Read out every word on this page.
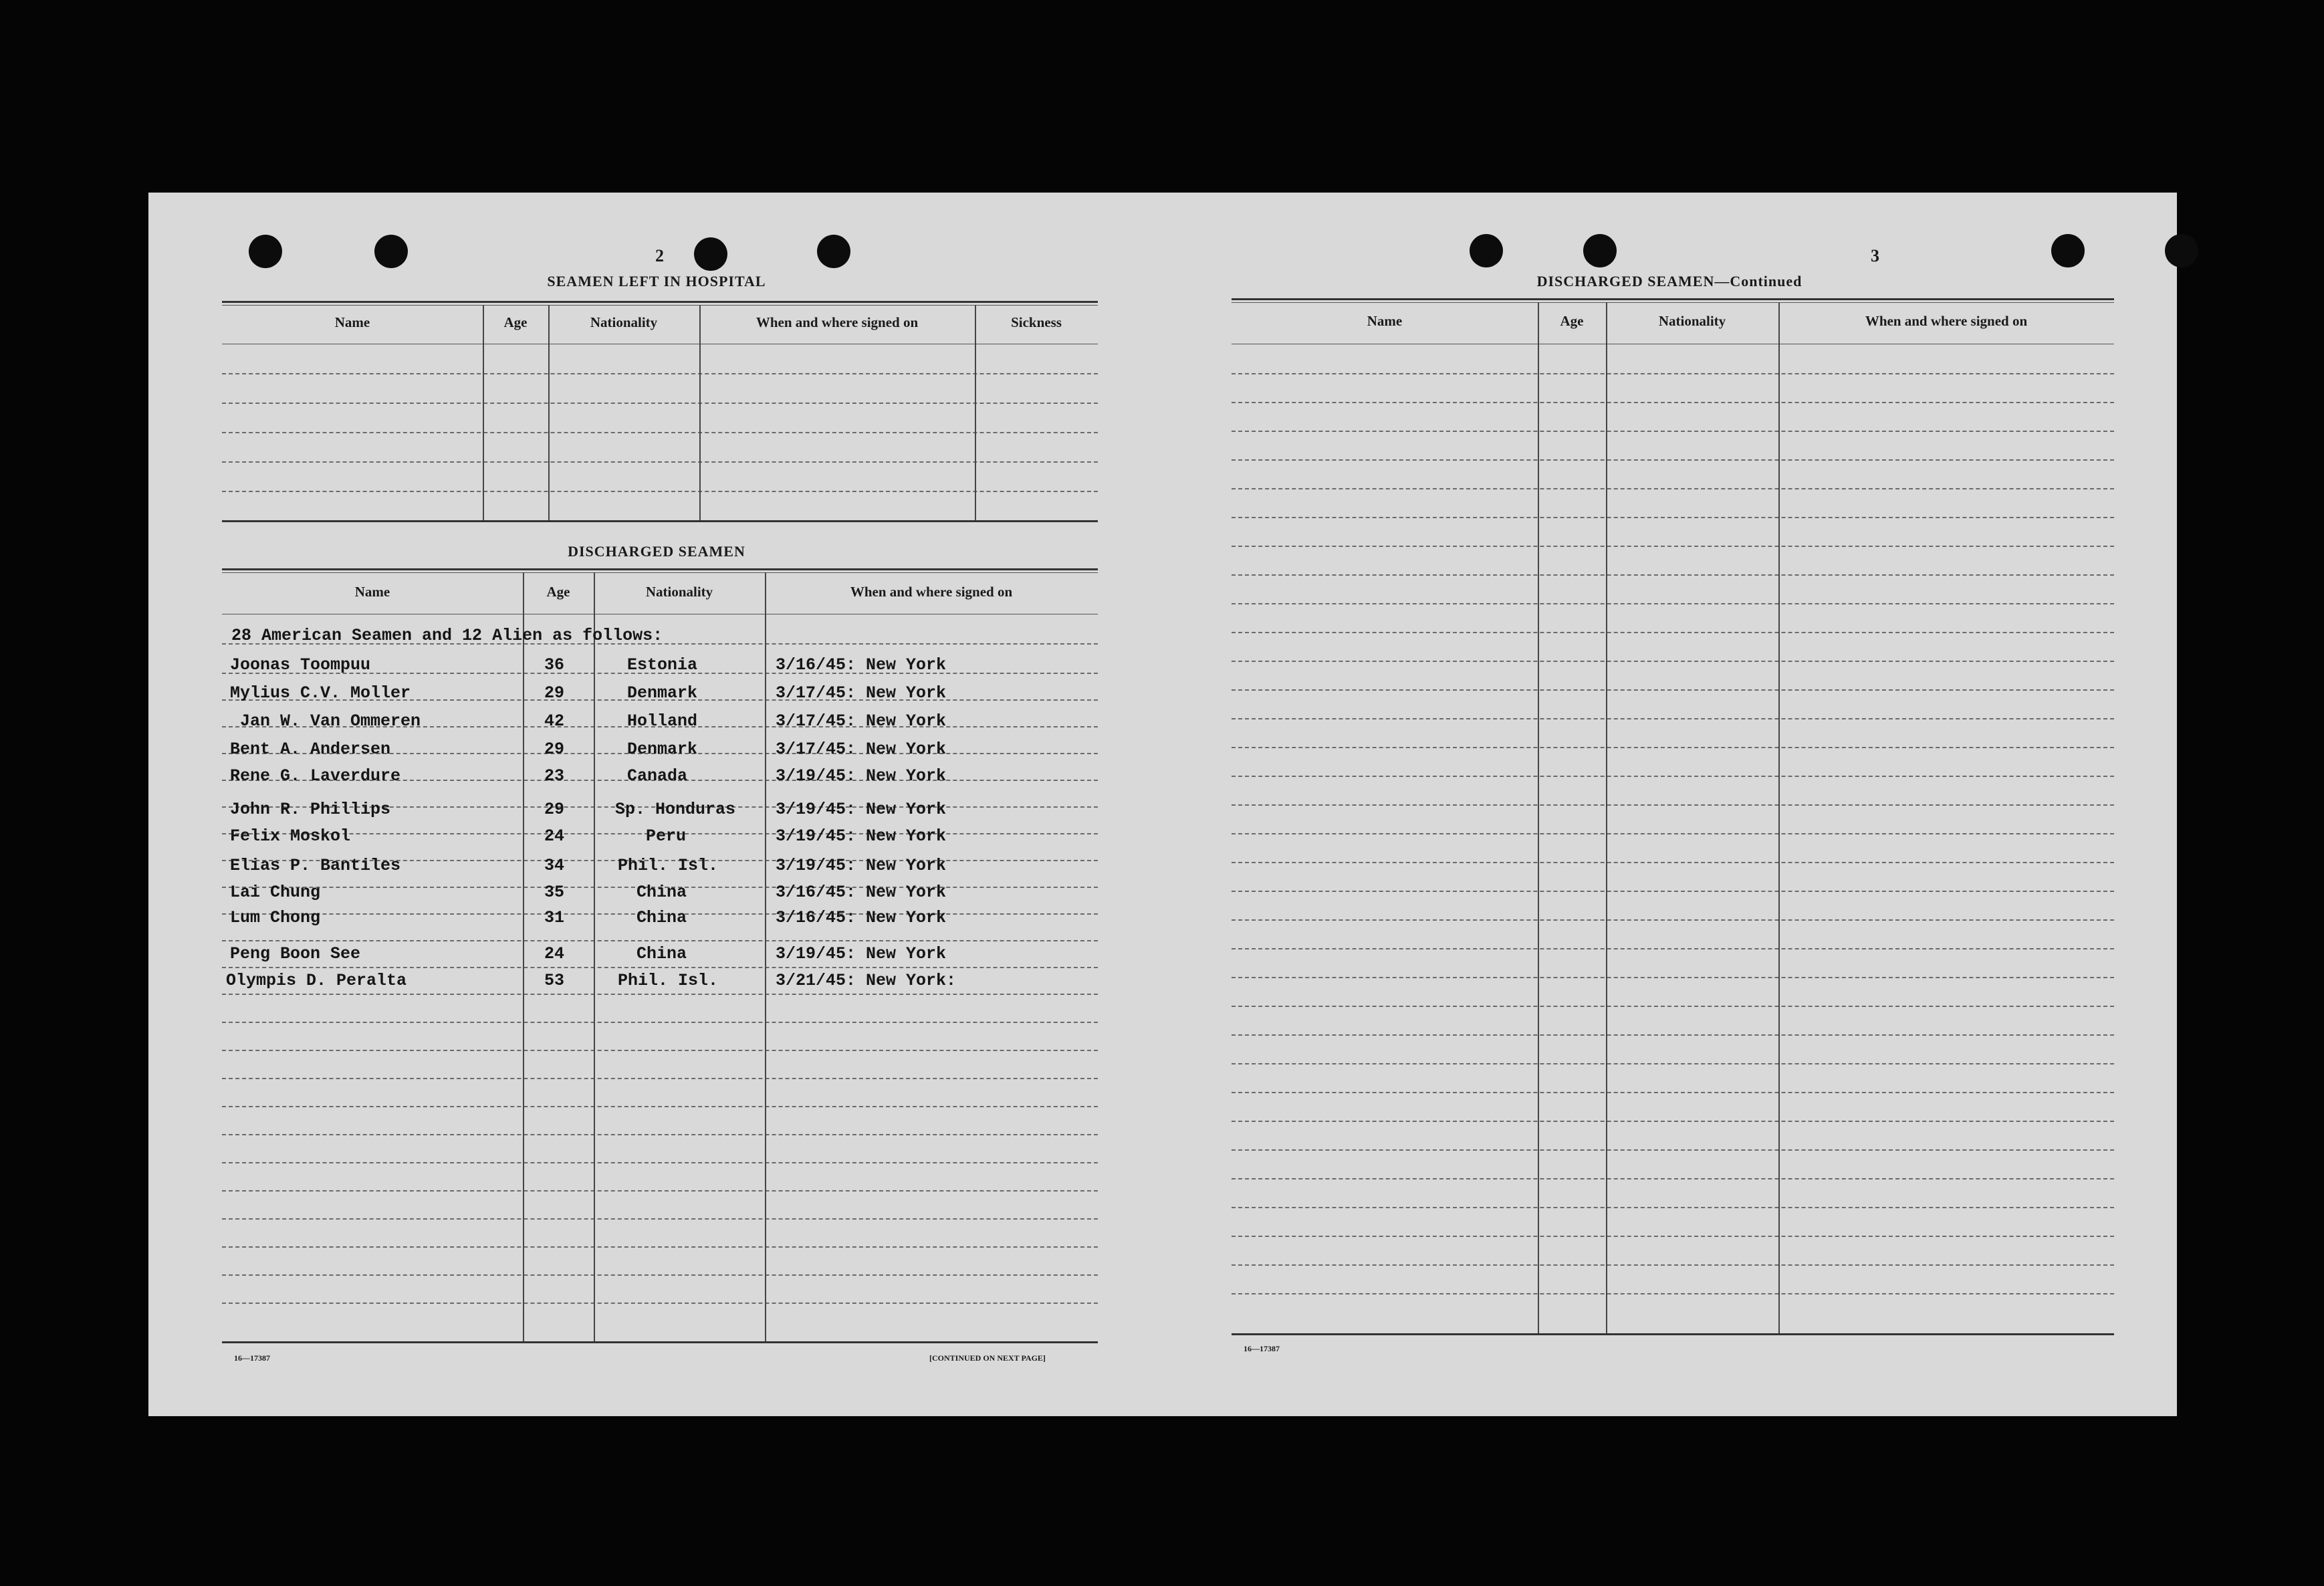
2
SEAMEN LEFT IN HOSPITAL
Name	Age	Nationality	When and where signed on	Sickness
DISCHARGED SEAMEN
Name	Age	Nationality	When and where signed on
28 American Seamen and 12 Alien as follows:
Joonas Toompuu	36	Estonia	3/16/45: New York
Mylius C.V. Moller	29	Denmark	3/17/45: New York
Jan W. Van Ommeren	42	Holland	3/17/45: New York
Bent A. Andersen	29	Denmark	3/17/45: New York
Rene G. Laverdure	23	Canada	3/19/45: New York
John R. Phillips	29	Sp. Honduras 3/19/45: New York
Felix Moskol	24	Peru	3/19/45: New York
Elias P. Bantiles	34	Phil. Isl.	3/19/45: New York
Lai Chung	35	China	3/16/45: New York
Lum Chong	31	China	3/16/45: New York
Peng Boon See	24	China	3/19/45: New York
Olympis D. Peralta	53	Phil. Isl.	3/21/45: New York:
16—17387	[CONTINUED ON NEXT PAGE]
3
DISCHARGED SEAMEN—Continued
Name	Age	Nationality	When and where signed on
16—17387
